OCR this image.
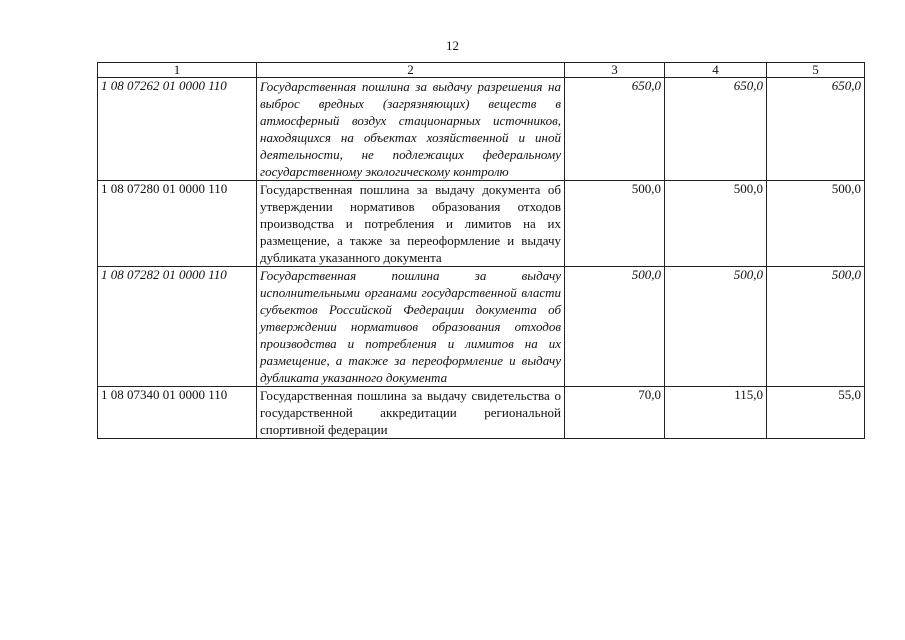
12
1	2	3	4	5
1 08 07262 01 0000 110	Государственная пошлина за выдачу разрешения на выброс вредных (загрязняющих) веществ в атмосферный воздух стационарных источников, находящихся на объектах хозяйственной и иной деятельности, не подлежащих федеральному государственному экологическому контролю	650,0	650,0	650,0
1 08 07280 01 0000 110	Государственная пошлина за выдачу документа об утверждении нормативов образования отходов производства и потребления и лимитов на их размещение, а также за переоформление и выдачу дубликата указанного документа	500,0	500,0	500,0
1 08 07282 01 0000 110	Государственная пошлина за выдачу исполнительными органами государственной власти субъектов Российской Федерации документа об утверждении нормативов образования отходов производства и потребления и лимитов на их размещение, а также за переоформление и выдачу дубликата указанного документа	500,0	500,0	500,0
1 08 07340 01 0000 110	Государственная пошлина за выдачу свидетельства о государственной аккредитации региональной спортивной федерации	70,0	115,0	55,0
